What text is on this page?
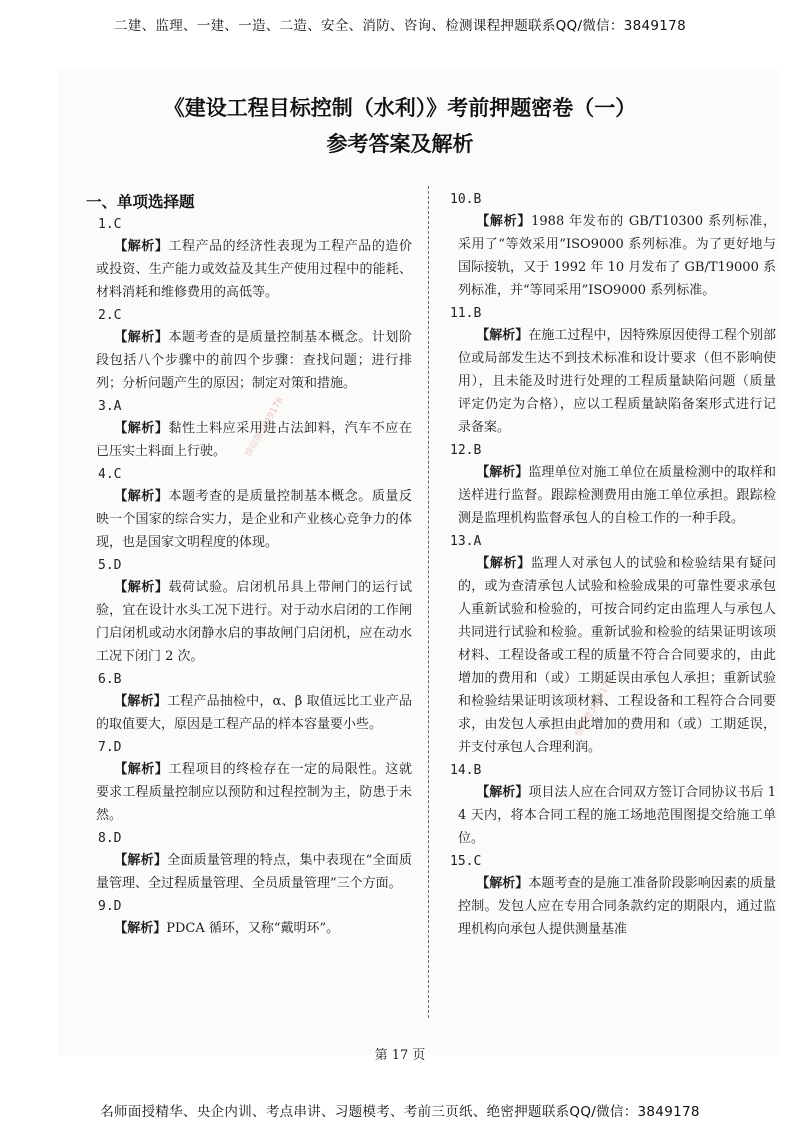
二建、监理、一建、一造、二造、安全、消防、咨询、检测课程押题联系QQ/微信：3849178
《建设工程目标控制（水利）》考前押题密卷（一）
参考答案及解析
情信微3849178
情信微3849178
一、单项选择题
1.C
【解析】工程产品的经济性表现为工程产品的造价或投资、生产能力或效益及其生产使用过程中的能耗、材料消耗和维修费用的高低等。
2.C
【解析】本题考查的是质量控制基本概念。计划阶段包括八个步骤中的前四个步骤：查找问题；进行排列；分析问题产生的原因；制定对策和措施。
3.A
【解析】黏性土料应采用进占法卸料，汽车不应在已压实土料面上行驶。
4.C
【解析】本题考查的是质量控制基本概念。质量反映一个国家的综合实力，是企业和产业核心竞争力的体现，也是国家文明程度的体现。
5.D
【解析】载荷试验。启闭机吊具上带闸门的运行试验，宜在设计水头工况下进行。对于动水启闭的工作闸门启闭机或动水闭静水启的事故闸门启闭机，应在动水工况下闭门 2 次。
6.B
【解析】工程产品抽检中，α、β 取值远比工业产品的取值要大，原因是工程产品的样本容量要小些。
7.D
【解析】工程项目的终检存在一定的局限性。这就要求工程质量控制应以预防和过程控制为主，防患于未然。
8.D
【解析】全面质量管理的特点，集中表现在“全面质量管理、全过程质量管理、全员质量管理”三个方面。
9.D
【解析】PDCA 循环，又称“戴明环”。
10.B
【解析】1988 年发布的 GB/T10300 系列标准，采用了“等效采用”ISO9000 系列标准。为了更好地与国际接轨，又于 1992 年 10 月发布了 GB/T19000 系列标准，并“等同采用”ISO9000 系列标准。
11.B
【解析】在施工过程中，因特殊原因使得工程个别部位或局部发生达不到技术标准和设计要求（但不影响使用），且未能及时进行处理的工程质量缺陷问题（质量评定仍定为合格），应以工程质量缺陷备案形式进行记录备案。
12.B
【解析】监理单位对施工单位在质量检测中的取样和送样进行监督。跟踪检测费用由施工单位承担。跟踪检测是监理机构监督承包人的自检工作的一种手段。
13.A
【解析】监理人对承包人的试验和检验结果有疑问的，或为查清承包人试验和检验成果的可靠性要求承包人重新试验和检验的，可按合同约定由监理人与承包人共同进行试验和检验。重新试验和检验的结果证明该项材料、工程设备或工程的质量不符合合同要求的，由此增加的费用和（或）工期延误由承包人承担；重新试验和检验结果证明该项材料、工程设备和工程符合合同要求，由发包人承担由此增加的费用和（或）工期延误，并支付承包人合理利润。
14.B
【解析】项目法人应在合同双方签订合同协议书后 14 天内，将本合同工程的施工场地范围图提交给施工单位。
15.C
【解析】本题考查的是施工准备阶段影响因素的质量控制。发包人应在专用合同条款约定的期限内，通过监理机构向承包人提供测量基准
第 17 页
名师面授精华、央企内训、考点串讲、习题模考、考前三页纸、绝密押题联系QQ/微信：3849178
